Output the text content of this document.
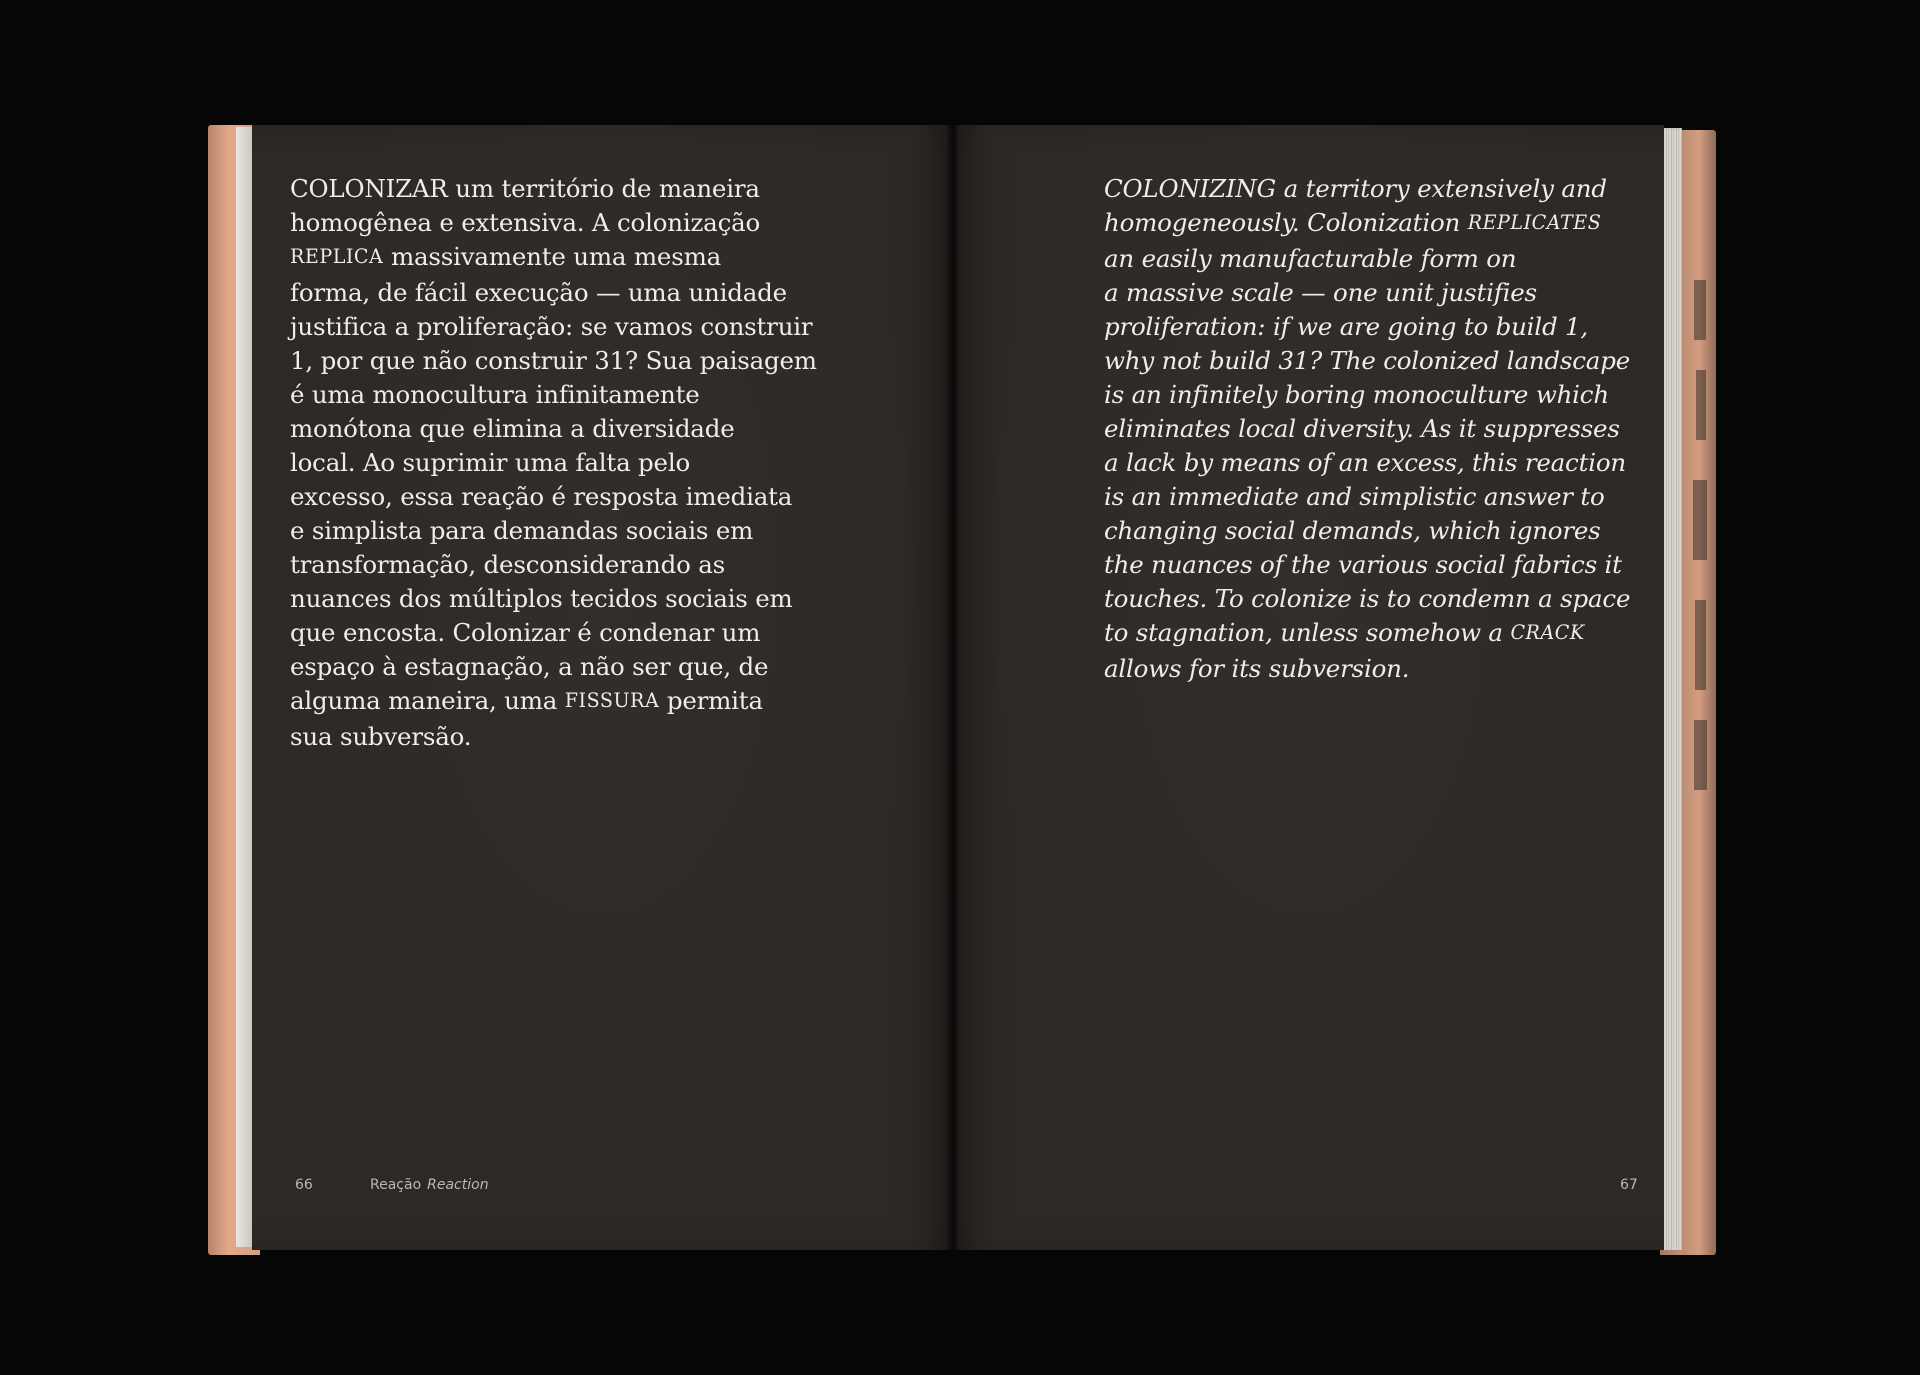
COLONIZAR um território de maneira
homogênea e extensiva. A colonização
REPLICA massivamente uma mesma
forma, de fácil execução — uma unidade
justifica a proliferação: se vamos construir
1, por que não construir 31? Sua paisagem
é uma monocultura infinitamente
monótona que elimina a diversidade
local. Ao suprimir uma falta pelo
excesso, essa reação é resposta imediata
e simplista para demandas sociais em
transformação, desconsiderando as
nuances dos múltiplos tecidos sociais em
que encosta. Colonizar é condenar um
espaço à estagnação, a não ser que, de
alguma maneira, uma FISSURA permita
sua subversão.
COLONIZING a territory extensively and
homogeneously. Colonization REPLICATES
an easily manufacturable form on
a massive scale — one unit justifies
proliferation: if we are going to build 1,
why not build 31? The colonized landscape
is an infinitely boring monoculture which
eliminates local diversity. As it suppresses
a lack by means of an excess, this reaction
is an immediate and simplistic answer to
changing social demands, which ignores
the nuances of the various social fabrics it
touches. To colonize is to condemn a space
to stagnation, unless somehow a CRACK
allows for its subversion.
66	Reação Reaction	67
